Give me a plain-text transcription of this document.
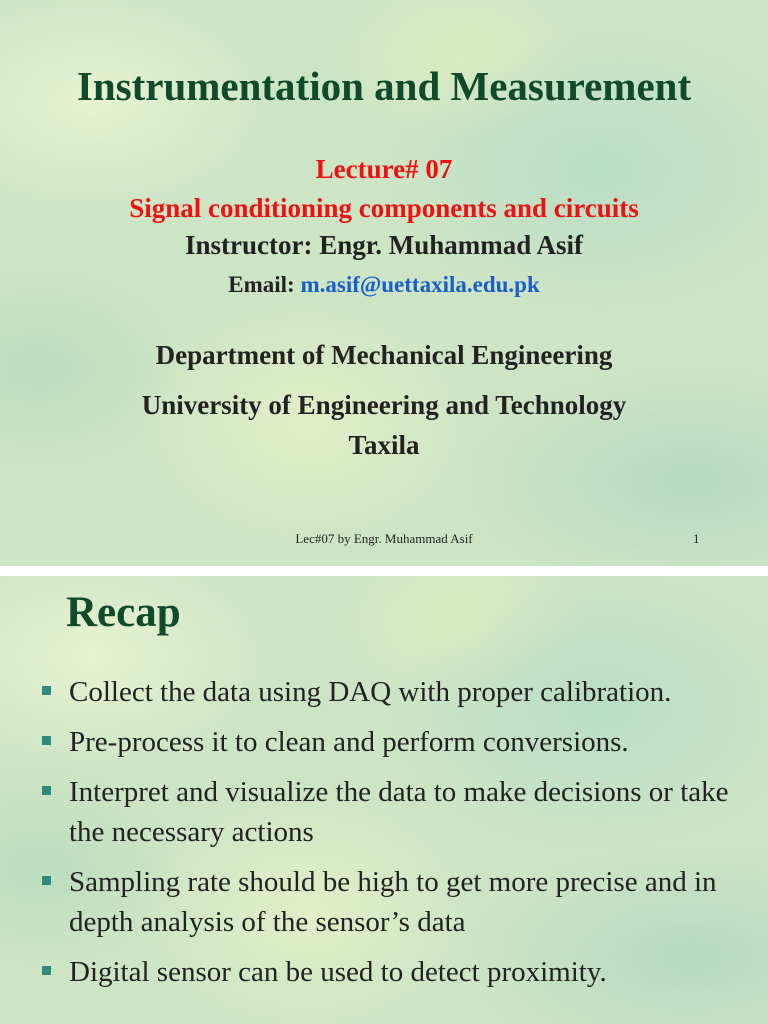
Instrumentation and Measurement
Lecture# 07
Signal conditioning components and circuits
Instructor: Engr. Muhammad Asif
Email: m.asif@uettaxila.edu.pk
Department of Mechanical Engineering
University of Engineering and Technology
Taxila
Lec#07 by Engr. Muhammad Asif	1
Recap
Collect the data using DAQ with proper calibration.
Pre-process it to clean and perform conversions.
Interpret and visualize the data to make decisions or take the necessary actions
Sampling rate should be high to get more precise and in depth analysis of the sensor’s data
Digital sensor can be used to detect proximity.
